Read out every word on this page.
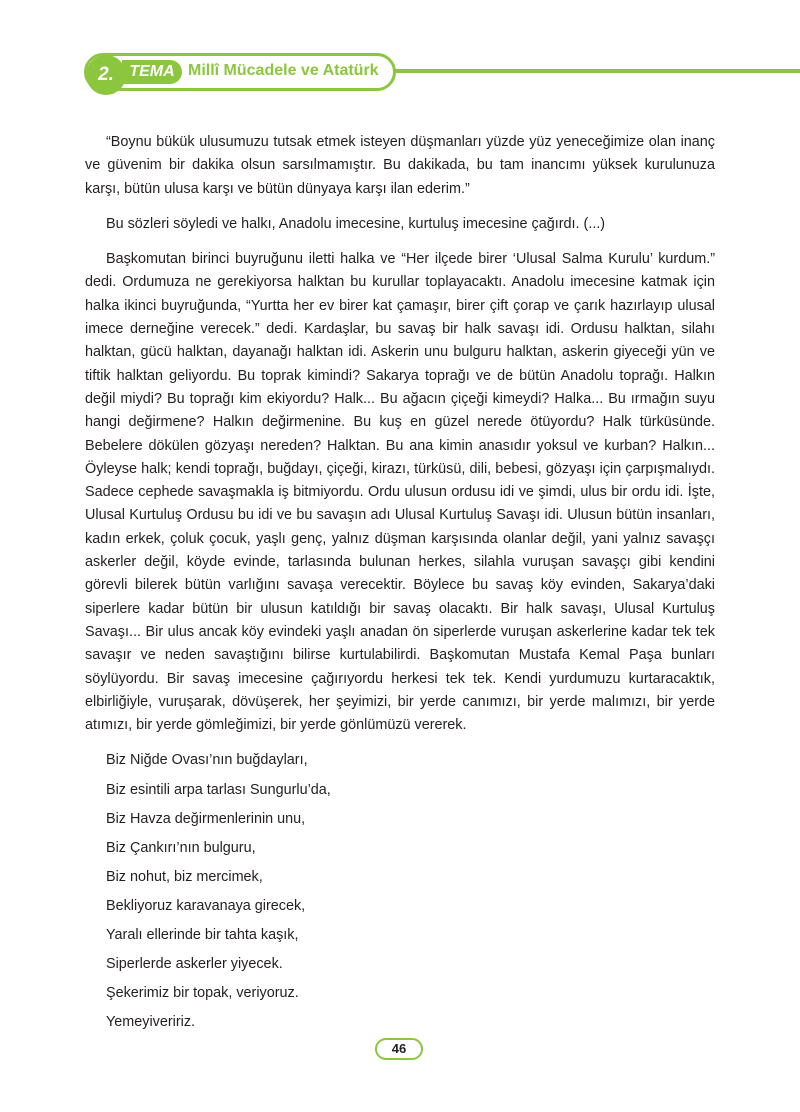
TEMA
2.	Millî Mücadele ve Atatürk

“Boynu bükük ulusumuzu tutsak etmek isteyen düşmanları yüzde yüz yeneceğimize olan inanç ve güvenim bir dakika olsun sarsılmamıştır. Bu dakikada, bu tam inancımı yüksek kurulunuza karşı, bütün ulusa karşı ve bütün dünyaya karşı ilan ederim.”

Bu sözleri söyledi ve halkı, Anadolu imecesine, kurtuluş imecesine çağırdı. (...)

Başkomutan birinci buyruğunu iletti halka ve “Her ilçede birer ‘Ulusal Salma Kurulu’ kurdum.” dedi. Ordumuza ne gerekiyorsa halktan bu kurullar toplayacaktı. Anadolu imecesine katmak için halka ikinci buyruğunda, “Yurtta her ev birer kat çamaşır, birer çift çorap ve çarık hazırlayıp ulusal imece derneğine verecek.” dedi. Kardaşlar, bu savaş bir halk savaşı idi. Ordusu halktan, silahı halktan, gücü halktan, dayanağı halktan idi. Askerin unu bulguru halktan, askerin giyeceği yün ve tiftik halktan geliyordu. Bu toprak kimindi? Sakarya toprağı ve de bütün Anadolu toprağı. Halkın değil miydi? Bu toprağı kim ekiyordu? Halk... Bu ağacın çiçeği kimeydi? Halka... Bu ırmağın suyu hangi değirmene? Halkın değirmenine. Bu kuş en güzel nerede ötüyordu? Halk türküsünde. Bebelere dökülen gözyaşı nereden? Halktan. Bu ana kimin anasıdır yoksul ve kurban? Halkın... Öyleyse halk; kendi toprağı, buğdayı, çiçeği, kirazı, türküsü, dili, bebesi, gözyaşı için çarpışmalıydı. Sadece cephede savaşmakla iş bitmiyordu. Ordu ulusun ordusu idi ve şimdi, ulus bir ordu idi. İşte, Ulusal Kurtuluş Ordusu bu idi ve bu savaşın adı Ulusal Kurtuluş Savaşı idi. Ulusun bütün insanları, kadın erkek, çoluk çocuk, yaşlı genç, yalnız düşman karşısında olanlar değil, yani yalnız savaşçı askerler değil, köyde evinde, tarlasında bulunan herkes, silahla vuruşan savaşçı gibi kendini görevli bilerek bütün varlığını savaşa verecektir. Böylece bu savaş köy evinden, Sakarya’daki siperlere kadar bütün bir ulusun katıldığı bir savaş olacaktı. Bir halk savaşı, Ulusal Kurtuluş Savaşı... Bir ulus ancak köy evindeki yaşlı anadan ön siperlerde vuruşan askerlerine kadar tek tek savaşır ve neden savaştığını bilirse kurtulabilirdi. Başkomutan Mustafa Kemal Paşa bunları söylüyordu. Bir savaş imecesine çağırıyordu herkesi tek tek. Kendi yurdumuzu kurtaracaktık, elbirliğiyle, vuruşarak, dövüşerek, her şeyimizi, bir yerde canımızı, bir yerde malımızı, bir yerde atımızı, bir yerde gömleğimizi, bir yerde gönlümüzü vererek.

Biz Niğde Ovası’nın buğdayları,
Biz esintili arpa tarlası Sungurlu’da,
Biz Havza değirmenlerinin unu,
Biz Çankırı’nın bulguru,
Biz nohut, biz mercimek,
Bekliyoruz karavanaya girecek,
Yaralı ellerinde bir tahta kaşık,
Siperlerde askerler yiyecek.
Şekerimiz bir topak, veriyoruz.
Yemeyiveririz.
46
